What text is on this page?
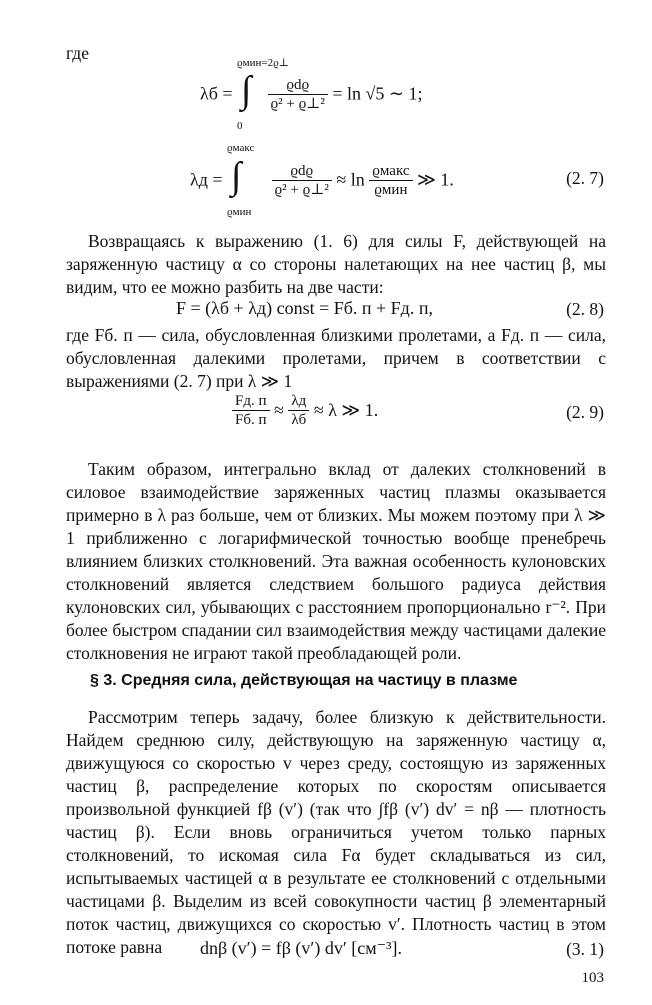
где
λб =
ϱмин=2ϱ⊥
∫
0

$\frac{\text{ϱdϱ}}{\text{ϱ² + ϱ⊥²}} = \ln √5$ ∼ 1;
λд =
ϱмакс
∫
ϱмин

$\frac{\text{ϱdϱ}}{\text{ϱ² + ϱ⊥²}} \approx \ln \frac{\text{ϱмакс}}{\text{ϱмин}}$ ≫ 1.	(2. 7)
Возвращаясь к выражению (1. 6) для силы F, действующей на заряженную частицу α со стороны налетающих на нее частиц β, мы видим, что ее можно разбить на две части:
F = (λб + λд) const = Fб. п + Fд. п,	(2. 8)
где Fб. п — сила, обусловленная близкими пролетами, а Fд. п — сила, обусловленная далекими пролетами, причем в соответствии с выражениями (2. 7) при λ ≫ 1
$\frac{Fд. п}{Fб. п} \approx \frac{\lambda д}{\lambda б} \approx \lambda$ ≫ 1.	(2. 9)
Таким образом, интегрально вклад от далеких столкновений в силовое взаимодействие заряженных частиц плазмы оказывается примерно в λ раз больше, чем от близких. Мы можем поэтому при λ ≫ 1 приближенно с логарифмической точностью вообще пренебречь влиянием близких столкновений. Эта важная особенность кулоновских столкновений является следствием большого радиуса действия кулоновских сил, убывающих с расстоянием пропорционально r⁻². При более быстром спадании сил взаимодействия между частицами далекие столкновения не играют такой преобладающей роли.
§ 3. Средняя сила, действующая на частицу в плазме
Рассмотрим теперь задачу, более близкую к действительности. Найдем среднюю силу, действующую на заряженную частицу α, движущуюся со скоростью v через среду, состоящую из заряженных частиц β, распределение которых по скоростям описывается произвольной функцией fβ (v′) (так что ∫fβ (v′) dv′ = nβ — плотность частиц β). Если вновь ограничиться учетом только парных столкновений, то искомая сила Fα будет складываться из сил, испытываемых частицей α в результате ее столкновений с отдельными частицами β. Выделим из всей совокупности частиц β элементарный поток частиц, движущихся со скоростью v′. Плотность частиц в этом потоке равна	dnβ (v′) = fβ (v′) dv′ [см⁻³].	(3. 1)
103
